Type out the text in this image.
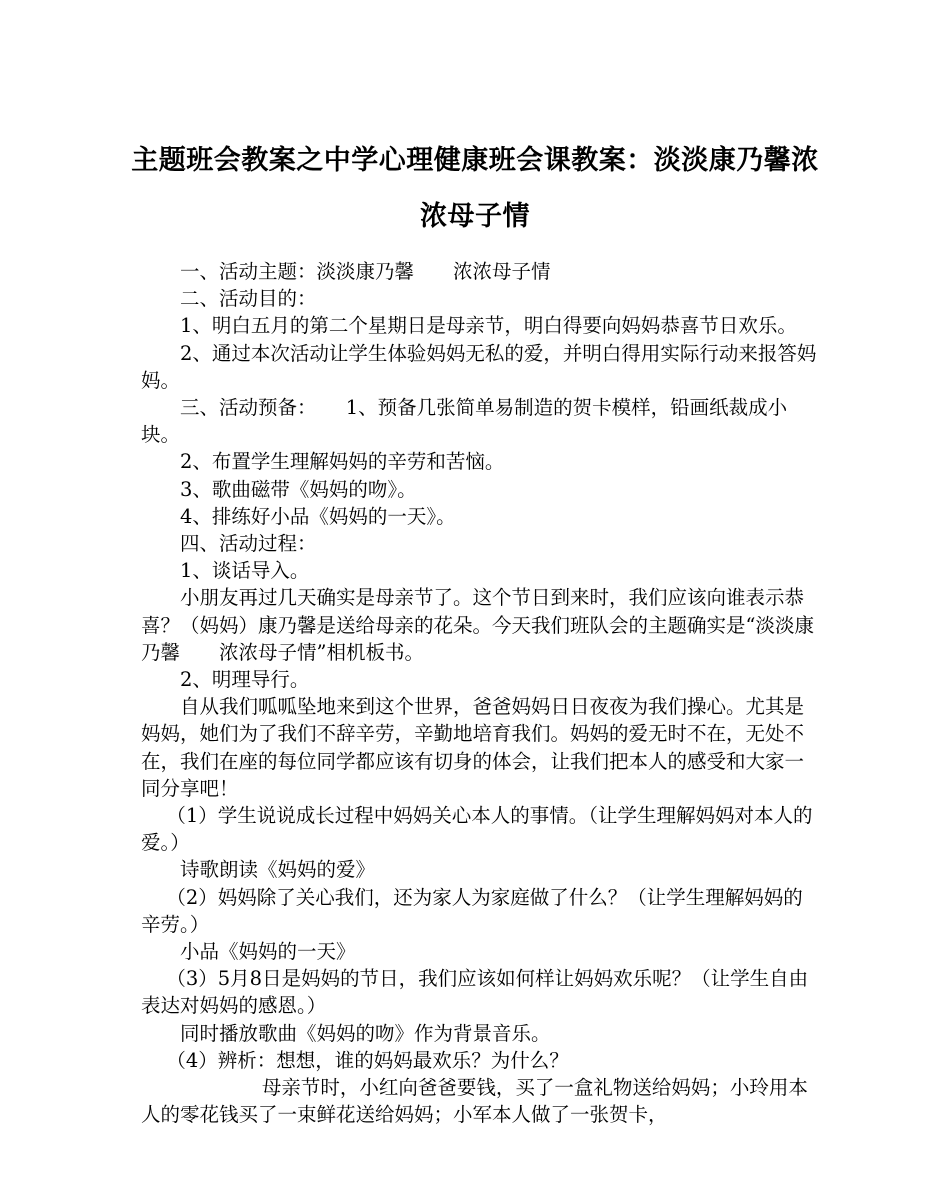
主题班会教案之中学心理健康班会课教案：淡淡康乃馨浓浓母子情

一、活动主题：淡淡康乃馨　　浓浓母子情

二、活动目的：

1、明白五月的第二个星期日是母亲节，明白得要向妈妈恭喜节日欢乐。

2、通过本次活动让学生体验妈妈无私的爱，并明白得用实际行动来报答妈妈。

三、活动预备：　　1、预备几张简单易制造的贺卡模样，铅画纸裁成小块。

2、布置学生理解妈妈的辛劳和苦恼。

3、歌曲磁带《妈妈的吻》。

4、排练好小品《妈妈的一天》。

四、活动过程：

1、谈话导入。

小朋友再过几天确实是母亲节了。这个节日到来时，我们应该向谁表示恭喜？（妈妈）康乃馨是送给母亲的花朵。今天我们班队会的主题确实是“淡淡康乃馨　　浓浓母子情”相机板书。

2、明理导行。

自从我们呱呱坠地来到这个世界，爸爸妈妈日日夜夜为我们操心。尤其是妈妈，她们为了我们不辞辛劳，辛勤地培育我们。妈妈的爱无时不在，无处不在，我们在座的每位同学都应该有切身的体会，让我们把本人的感受和大家一同分享吧！

（1）学生说说成长过程中妈妈关心本人的事情。（让学生理解妈妈对本人的爱。）

诗歌朗读《妈妈的爱》

（2）妈妈除了关心我们，还为家人为家庭做了什么？（让学生理解妈妈的辛劳。）

小品《妈妈的一天》

（3）5月8日是妈妈的节日，我们应该如何样让妈妈欢乐呢？（让学生自由表达对妈妈的感恩。）

同时播放歌曲《妈妈的吻》作为背景音乐。

（4）辨析：想想，谁的妈妈最欢乐？为什么？

母亲节时，小红向爸爸要钱，买了一盒礼物送给妈妈；小玲用本人的零花钱买了一束鲜花送给妈妈；小军本人做了一张贺卡，
